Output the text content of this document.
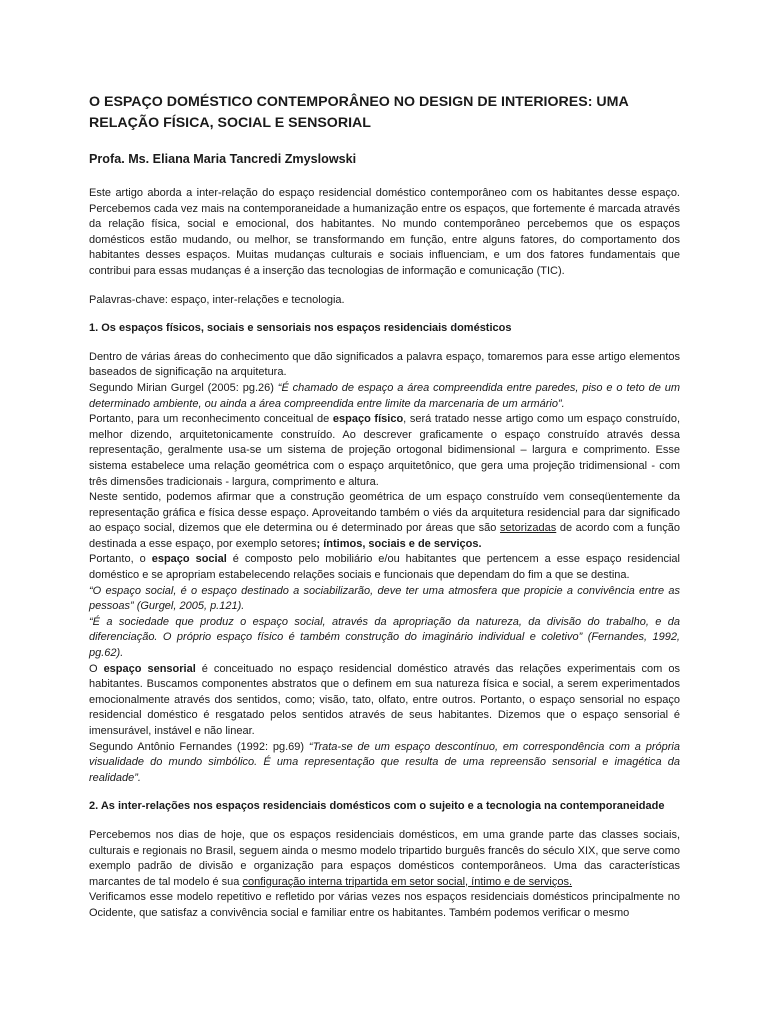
O ESPAÇO DOMÉSTICO CONTEMPORÂNEO NO DESIGN DE INTERIORES: UMA RELAÇÃO FÍSICA, SOCIAL E SENSORIAL
Profa. Ms. Eliana Maria Tancredi Zmyslowski

Este artigo aborda a inter-relação do espaço residencial doméstico contemporâneo com os habitantes desse espaço. Percebemos cada vez mais na contemporaneidade a humanização entre os espaços, que fortemente é marcada através da relação física, social e emocional, dos habitantes. No mundo contemporâneo percebemos que os espaços domésticos estão mudando, ou melhor, se transformando em função, entre alguns fatores, do comportamento dos habitantes desses espaços. Muitas mudanças culturais e sociais influenciam, e um dos fatores fundamentais que contribui para essas mudanças é a inserção das tecnologias de informação e comunicação (TIC).

Palavras-chave: espaço, inter-relações e tecnologia.

1. Os espaços físicos, sociais e sensoriais nos espaços residenciais domésticos

Dentro de várias áreas do conhecimento que dão significados a palavra espaço, tomaremos para esse artigo elementos baseados de significação na arquitetura.

Segundo Mirian Gurgel (2005: pg.26) “É chamado de espaço a área compreendida entre paredes, piso e o teto de um determinado ambiente, ou ainda a área compreendida entre limite da marcenaria de um armário”.

Portanto, para um reconhecimento conceitual de espaço físico, será tratado nesse artigo como um espaço construído, melhor dizendo, arquitetonicamente construído. Ao descrever graficamente o espaço construído através dessa representação, geralmente usa-se um sistema de projeção ortogonal bidimensional – largura e comprimento. Esse sistema estabelece uma relação geométrica com o espaço arquitetônico, que gera uma projeção tridimensional - com três dimensões tradicionais - largura, comprimento e altura.

Neste sentido, podemos afirmar que a construção geométrica de um espaço construído vem conseqüentemente da representação gráfica e física desse espaço. Aproveitando também o viés da arquitetura residencial para dar significado ao espaço social, dizemos que ele determina ou é determinado por áreas que são setorizadas de acordo com a função destinada a esse espaço, por exemplo setores; íntimos, sociais e de serviços.

Portanto, o espaço social é composto pelo mobiliário e/ou habitantes que pertencem a esse espaço residencial doméstico e se apropriam estabelecendo relações sociais e funcionais que dependam do fim a que se destina.

“O espaço social, é o espaço destinado a sociabilizarão, deve ter uma atmosfera que propicie a convivência entre as pessoas” (Gurgel, 2005, p.121).

“É a sociedade que produz o espaço social, através da apropriação da natureza, da divisão do trabalho, e da diferenciação. O próprio espaço físico é também construção do imaginário individual e coletivo” (Fernandes, 1992, pg.62).

O espaço sensorial é conceituado no espaço residencial doméstico através das relações experimentais com os habitantes. Buscamos componentes abstratos que o definem em sua natureza física e social, a serem experimentados emocionalmente através dos sentidos, como; visão, tato, olfato, entre outros. Portanto, o espaço sensorial no espaço residencial doméstico é resgatado pelos sentidos através de seus habitantes. Dizemos que o espaço sensorial é imensurável, instável e não linear.

Segundo Antônio Fernandes (1992: pg.69) “Trata-se de um espaço descontínuo, em correspondência com a própria visualidade do mundo simbólico. É uma representação que resulta de uma repreensão sensorial e imagética da realidade”.

2. As inter-relações nos espaços residenciais domésticos com o sujeito e a tecnologia na contemporaneidade

Percebemos nos dias de hoje, que os espaços residenciais domésticos, em uma grande parte das classes sociais, culturais e regionais no Brasil, seguem ainda o mesmo modelo tripartido burguês francês do século XIX, que serve como exemplo padrão de divisão e organização para espaços domésticos contemporâneos. Uma das características marcantes de tal modelo é sua configuração interna tripartida em setor social, íntimo e de serviços.

Verificamos esse modelo repetitivo e refletido por várias vezes nos espaços residenciais domésticos principalmente no Ocidente, que satisfaz a convivência social e familiar entre os habitantes. Também podemos verificar o mesmo
